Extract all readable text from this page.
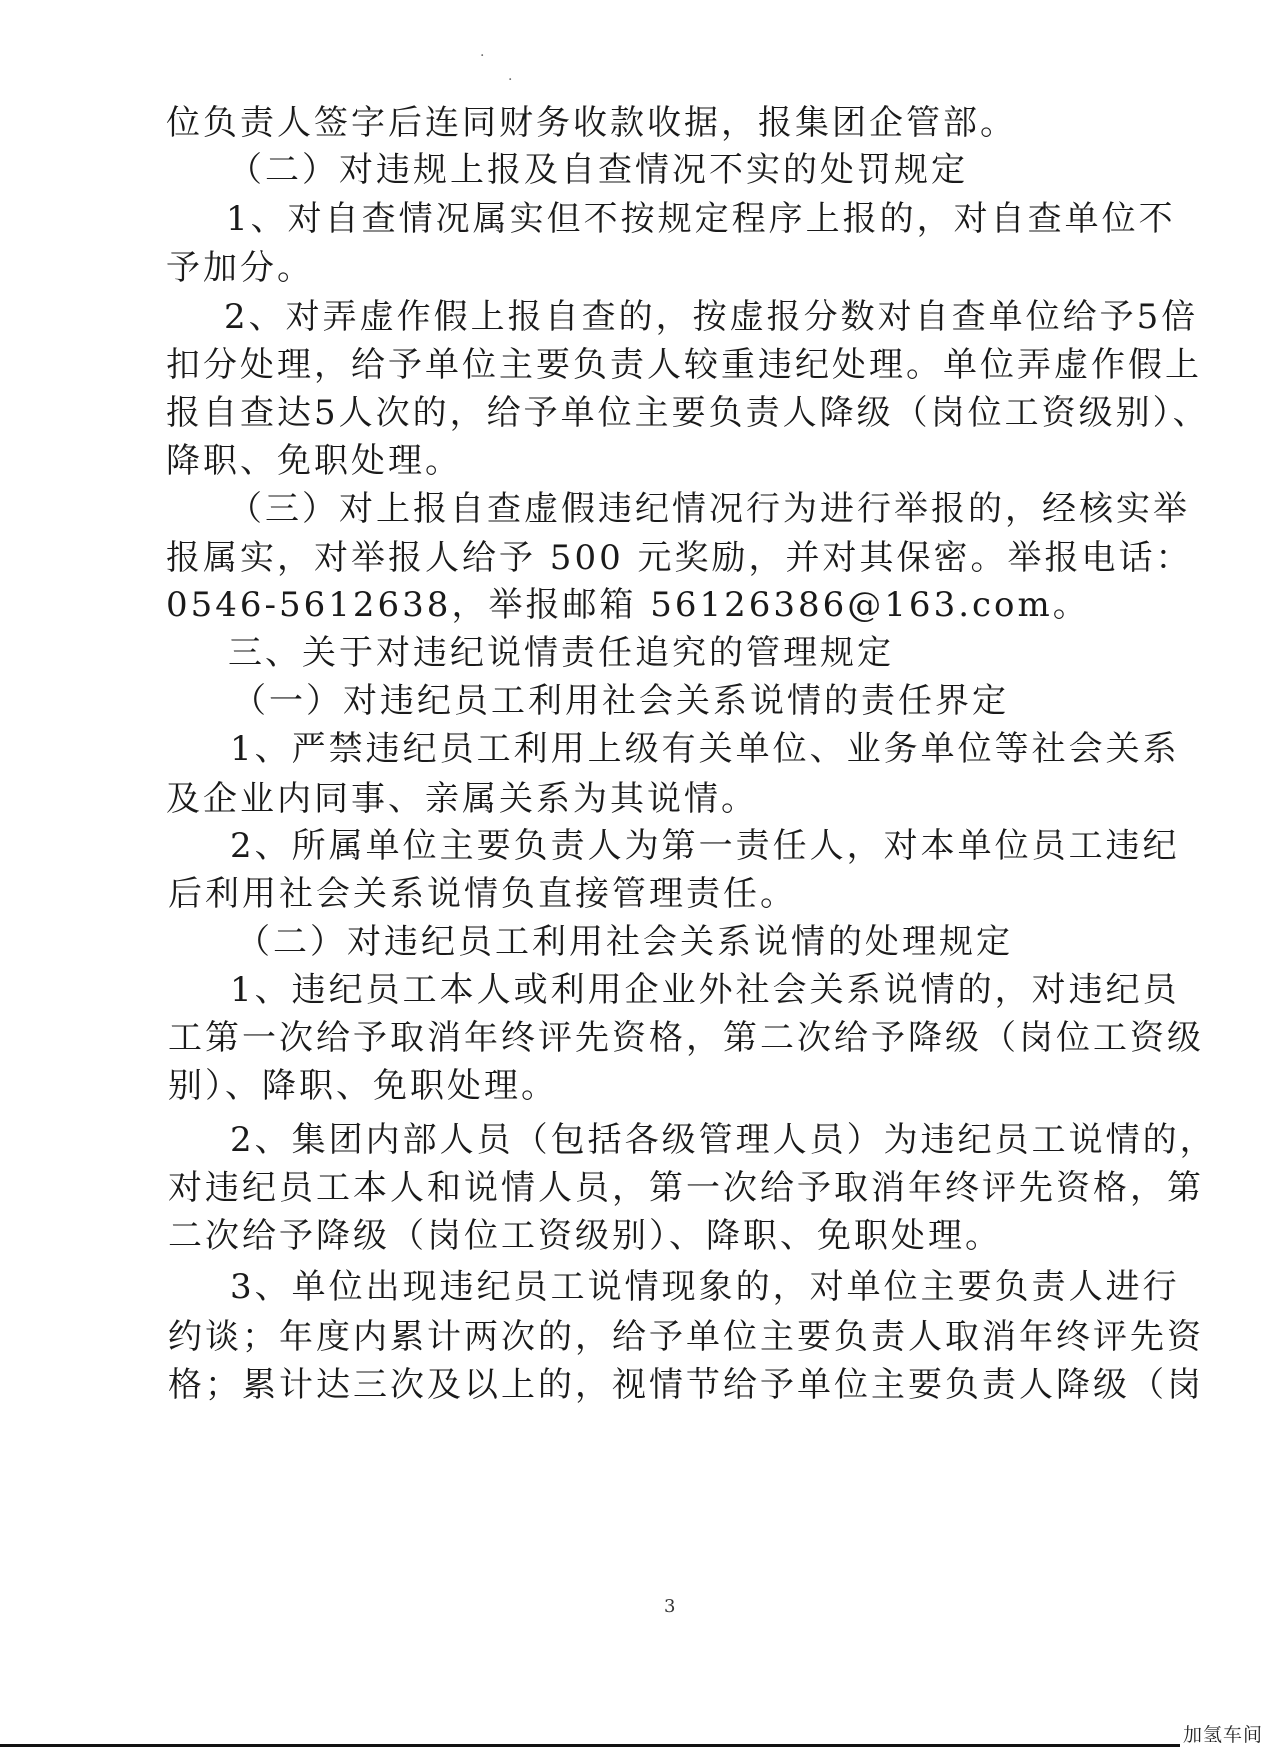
·
·
位负责人签字后连同财务收款收据，报集团企管部。
（二）对违规上报及自查情况不实的处罚规定
1、对自查情况属实但不按规定程序上报的，对自查单位不
予加分。
2、对弄虚作假上报自查的，按虚报分数对自查单位给予5倍
扣分处理，给予单位主要负责人较重违纪处理。单位弄虚作假上
报自查达5人次的，给予单位主要负责人降级（岗位工资级别）、
降职、免职处理。
（三）对上报自查虚假违纪情况行为进行举报的，经核实举
报属实，对举报人给予 500 元奖励，并对其保密。举报电话：
0546-5612638，举报邮箱 56126386@163.com。
三、关于对违纪说情责任追究的管理规定
（一）对违纪员工利用社会关系说情的责任界定
1、严禁违纪员工利用上级有关单位、业务单位等社会关系
及企业内同事、亲属关系为其说情。
2、所属单位主要负责人为第一责任人，对本单位员工违纪
后利用社会关系说情负直接管理责任。
（二）对违纪员工利用社会关系说情的处理规定
1、违纪员工本人或利用企业外社会关系说情的，对违纪员
工第一次给予取消年终评先资格，第二次给予降级（岗位工资级
别）、降职、免职处理。
2、集团内部人员（包括各级管理人员）为违纪员工说情的，
对违纪员工本人和说情人员，第一次给予取消年终评先资格，第
二次给予降级（岗位工资级别）、降职、免职处理。
3、单位出现违纪员工说情现象的，对单位主要负责人进行
约谈；年度内累计两次的，给予单位主要负责人取消年终评先资
格；累计达三次及以上的，视情节给予单位主要负责人降级（岗
3
加氢车间
